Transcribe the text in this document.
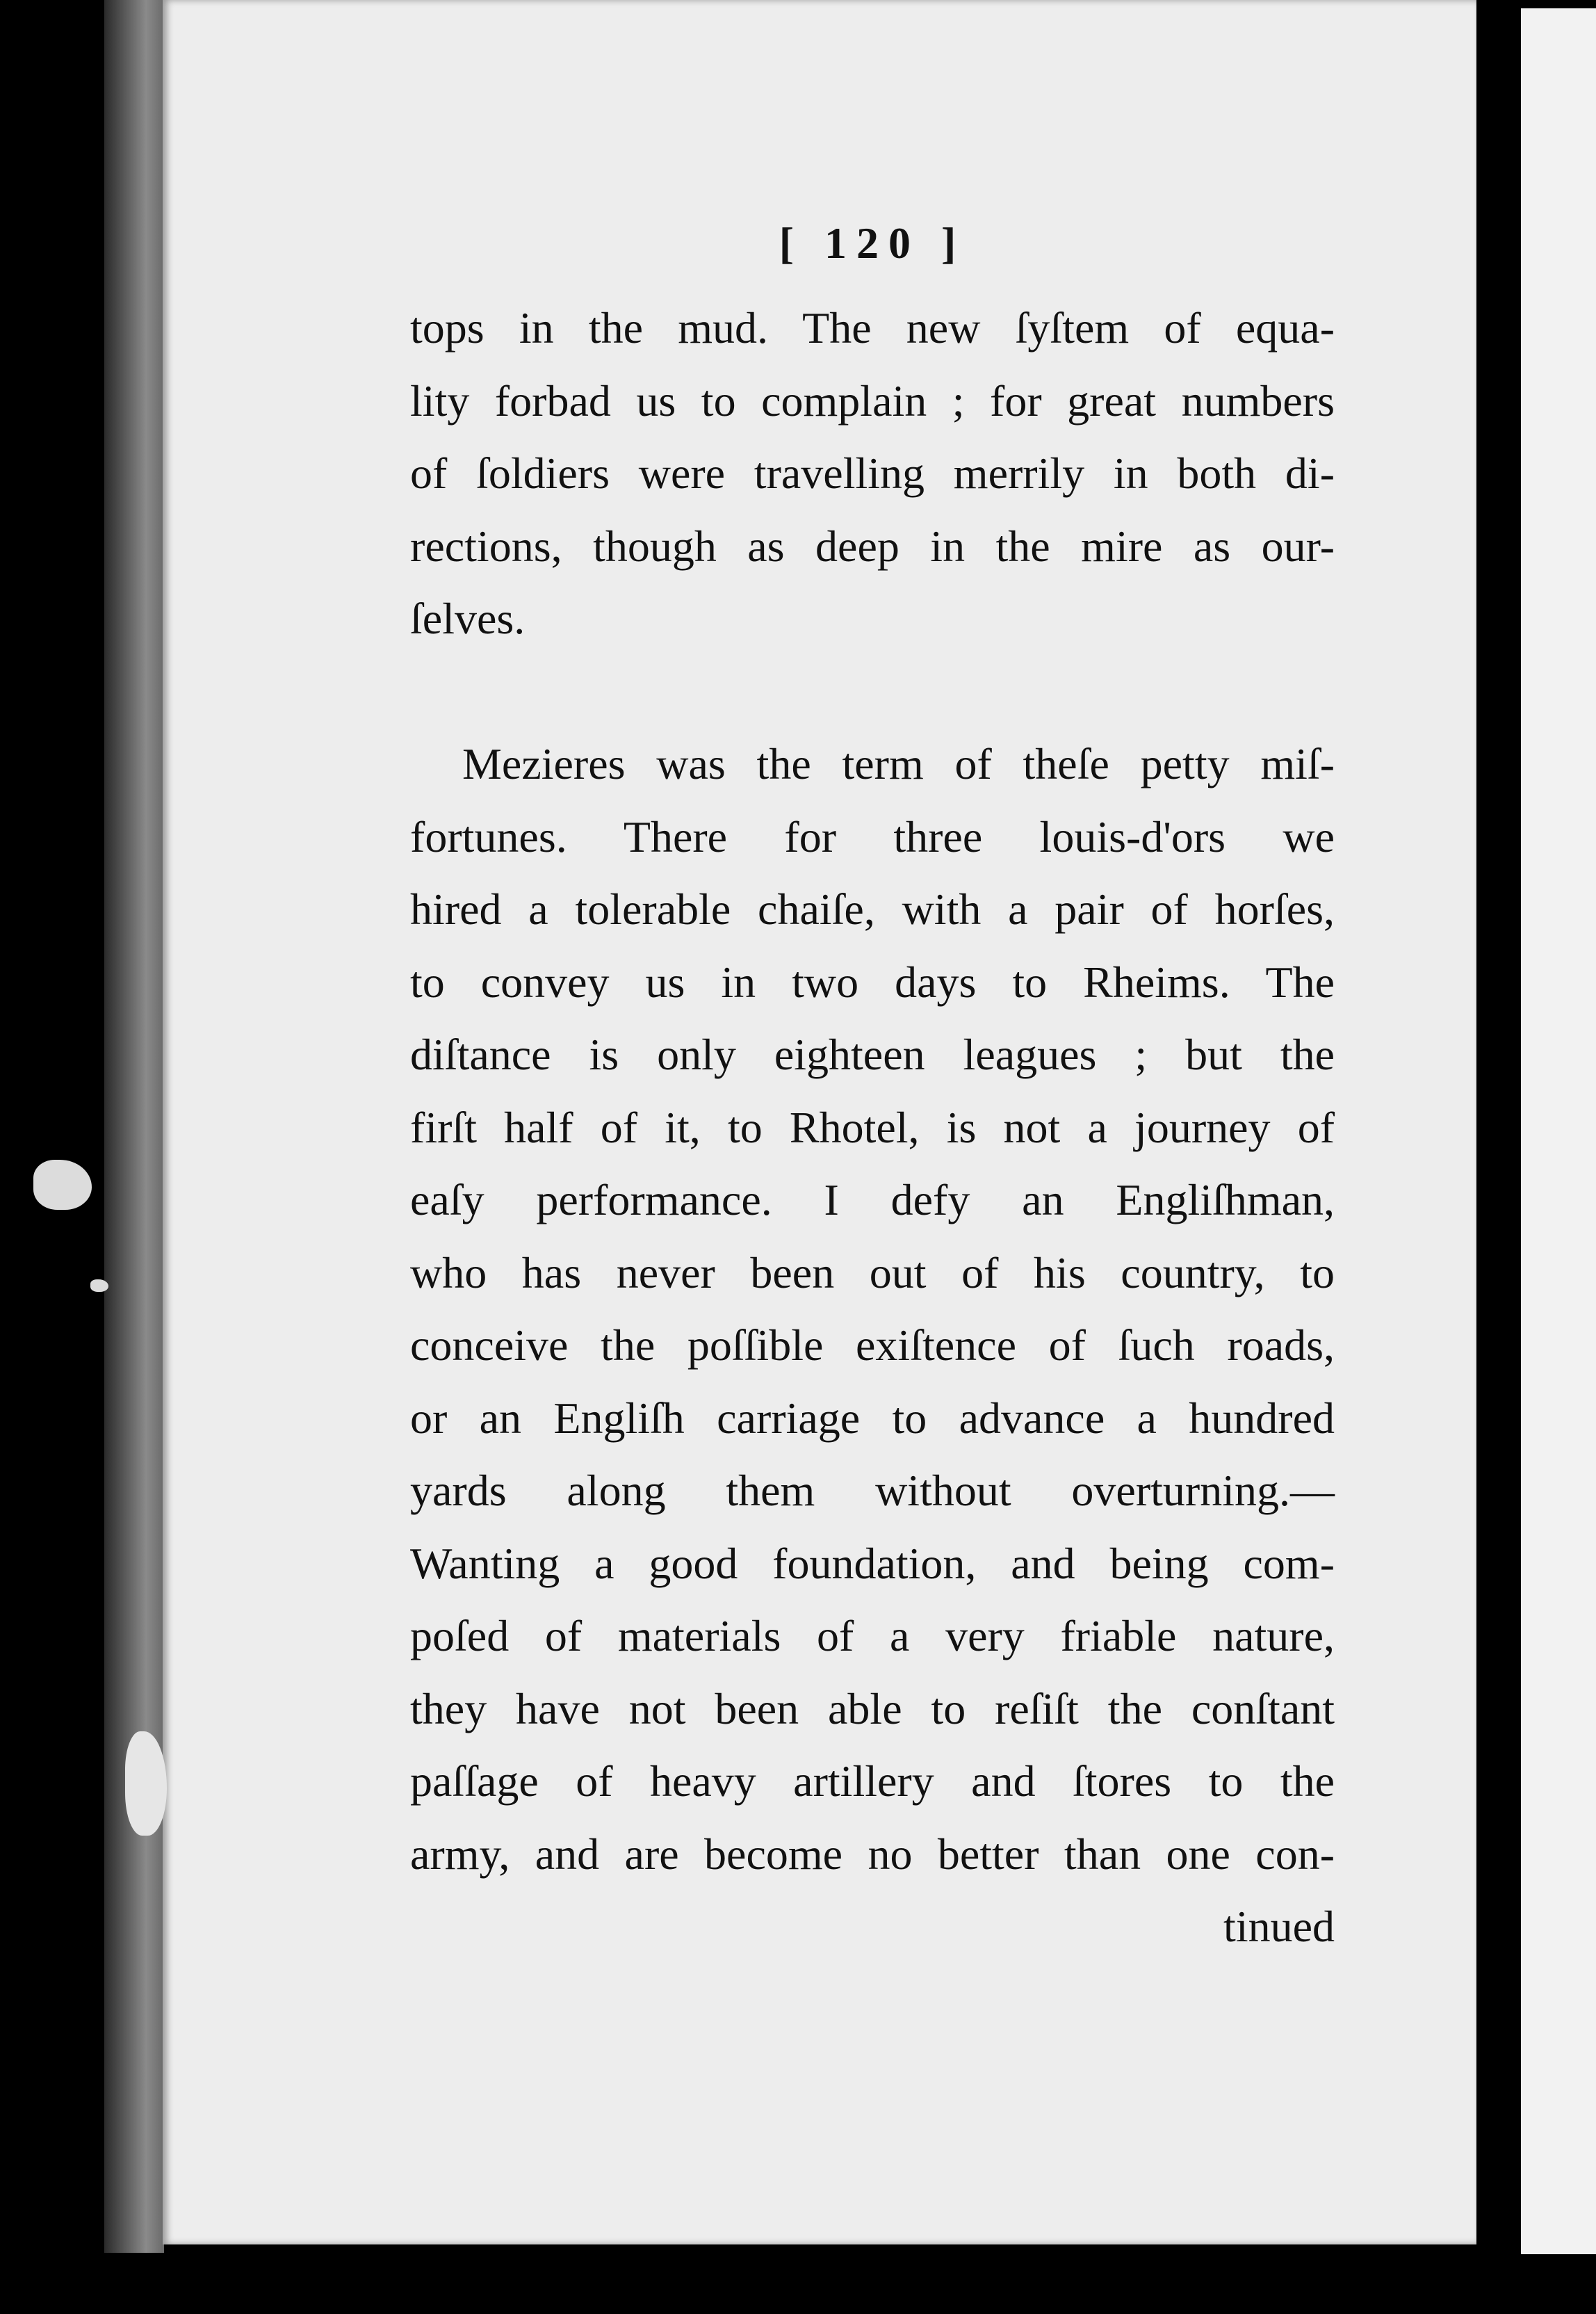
[ 120 ]
tops in the mud. The new ſyſtem of equa-
lity forbad us to complain ; for great numbers
of ſoldiers were travelling merrily in both di-
rections, though as deep in the mire as our-
ſelves.
Mezieres was the term of theſe petty miſ-
fortunes. There for three louis-d'ors we
hired a tolerable chaiſe, with a pair of horſes,
to convey us in two days to Rheims. The
diſtance is only eighteen leagues ; but the
firſt half of it, to Rhotel, is not a journey of
eaſy performance. I defy an Engliſhman,
who has never been out of his country, to
conceive the poſſible exiſtence of ſuch roads,
or an Engliſh carriage to advance a hundred
yards along them without overturning.—
Wanting a good foundation, and being com-
poſed of materials of a very friable nature,
they have not been able to reſiſt the conſtant
paſſage of heavy artillery and ſtores to the
army, and are become no better than one con-
tinued
